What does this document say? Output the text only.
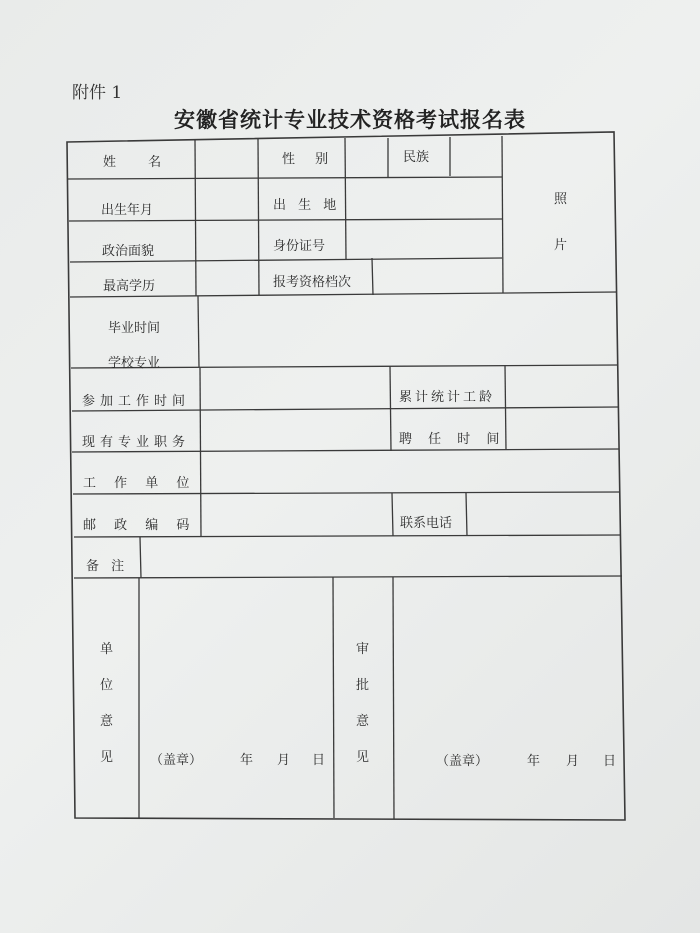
附件 1
安徽省统计专业技术资格考试报名表
姓 名	性 别	民族
照
片
出生年月	出 生 地
政治面貌	身份证号
最高学历	报考资格档次
毕业时间
学校专业
参加工作时间	累计统计工龄
现有专业职务	聘 任 时 间
工 作 单 位
邮 政 编 码	联系电话
备 注
单
位
意
见	（盖章）	年 月 日
审
批
意
见	（盖章）	年 月 日
